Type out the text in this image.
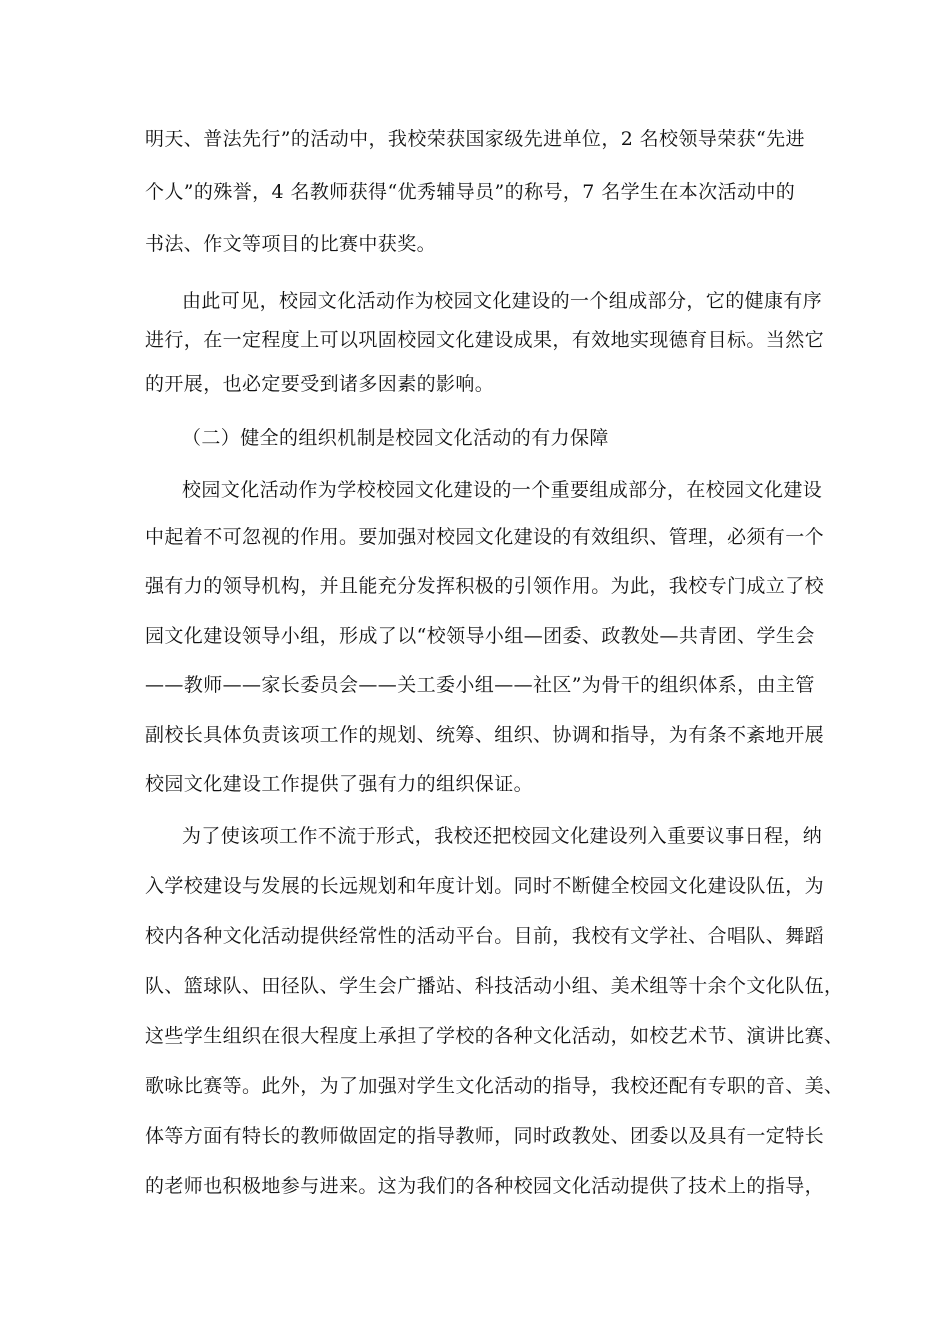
明天、普法先行”的活动中，我校荣获国家级先进单位，2 名校领导荣获“先进
个人”的殊誉，4 名教师获得“优秀辅导员”的称号，7 名学生在本次活动中的
书法、作文等项目的比赛中获奖。
由此可见，校园文化活动作为校园文化建设的一个组成部分，它的健康有序
进行，在一定程度上可以巩固校园文化建设成果，有效地实现德育目标。当然它
的开展，也必定要受到诸多因素的影响。
（二）健全的组织机制是校园文化活动的有力保障
校园文化活动作为学校校园文化建设的一个重要组成部分，在校园文化建设
中起着不可忽视的作用。要加强对校园文化建设的有效组织、管理，必须有一个
强有力的领导机构，并且能充分发挥积极的引领作用。为此，我校专门成立了校
园文化建设领导小组，形成了以“校领导小组—团委、政教处—共青团、学生会
——教师——家长委员会——关工委小组——社区”为骨干的组织体系，由主管
副校长具体负责该项工作的规划、统筹、组织、协调和指导，为有条不紊地开展
校园文化建设工作提供了强有力的组织保证。
为了使该项工作不流于形式，我校还把校园文化建设列入重要议事日程，纳
入学校建设与发展的长远规划和年度计划。同时不断健全校园文化建设队伍，为
校内各种文化活动提供经常性的活动平台。目前，我校有文学社、合唱队、舞蹈
队、篮球队、田径队、学生会广播站、科技活动小组、美术组等十余个文化队伍，
这些学生组织在很大程度上承担了学校的各种文化活动，如校艺术节、演讲比赛、
歌咏比赛等。此外，为了加强对学生文化活动的指导，我校还配有专职的音、美、
体等方面有特长的教师做固定的指导教师，同时政教处、团委以及具有一定特长
的老师也积极地参与进来。这为我们的各种校园文化活动提供了技术上的指导，
